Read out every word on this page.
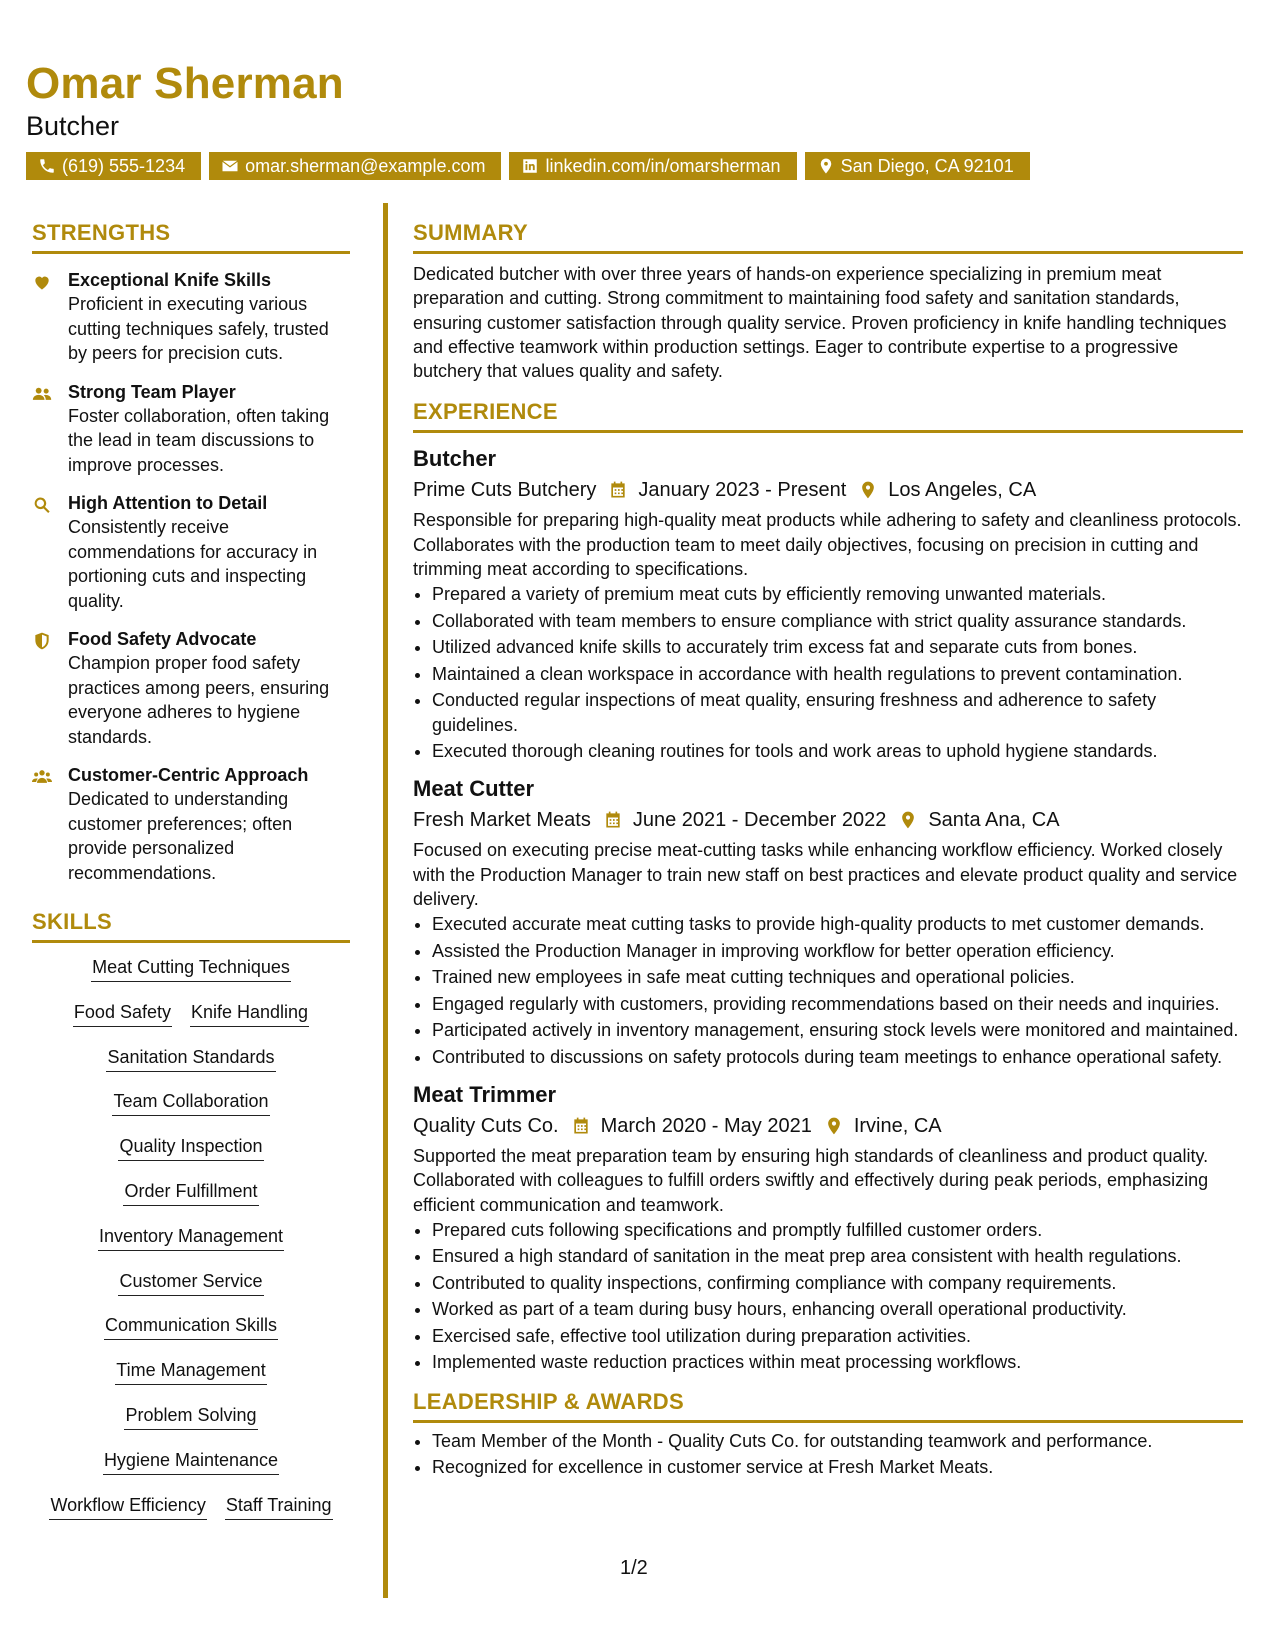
Omar Sherman
Butcher
(619) 555-1234	omar.sherman@example.com	linkedin.com/in/omarsherman	San Diego, CA 92101
STRENGTHS
Exceptional Knife Skills
Proficient in executing various cutting techniques safely, trusted by peers for precision cuts.
Strong Team Player
Foster collaboration, often taking the lead in team discussions to improve processes.
High Attention to Detail
Consistently receive commendations for accuracy in portioning cuts and inspecting quality.
Food Safety Advocate
Champion proper food safety practices among peers, ensuring everyone adheres to hygiene standards.
Customer-Centric Approach
Dedicated to understanding customer preferences; often provide personalized recommendations.
SKILLS
Meat Cutting Techniques
Food Safety Knife Handling
Sanitation Standards
Team Collaboration
Quality Inspection
Order Fulfillment
Inventory Management
Customer Service
Communication Skills
Time Management
Problem Solving
Hygiene Maintenance
Workflow Efficiency Staff Training
SUMMARY

Dedicated butcher with over three years of hands-on experience specializing in premium meat preparation and cutting. Strong commitment to maintaining food safety and sanitation standards, ensuring customer satisfaction through quality service. Proven proficiency in knife handling techniques and effective teamwork within production settings. Eager to contribute expertise to a progressive butchery that values quality and safety.

EXPERIENCE
Butcher
Prime Cuts Butchery January 2023 - Present Los Angeles, CA

Responsible for preparing high-quality meat products while adhering to safety and cleanliness protocols. Collaborates with the production team to meet daily objectives, focusing on precision in cutting and trimming meat according to specifications.

• Prepared a variety of premium meat cuts by efficiently removing unwanted materials.
• Collaborated with team members to ensure compliance with strict quality assurance standards.
• Utilized advanced knife skills to accurately trim excess fat and separate cuts from bones.
• Maintained a clean workspace in accordance with health regulations to prevent contamination.
• Conducted regular inspections of meat quality, ensuring freshness and adherence to safety guidelines.
• Executed thorough cleaning routines for tools and work areas to uphold hygiene standards.
Meat Cutter
Fresh Market Meats June 2021 - December 2022 Santa Ana, CA

Focused on executing precise meat-cutting tasks while enhancing workflow efficiency. Worked closely with the Production Manager to train new staff on best practices and elevate product quality and service delivery.

• Executed accurate meat cutting tasks to provide high-quality products to met customer demands.
• Assisted the Production Manager in improving workflow for better operation efficiency.
• Trained new employees in safe meat cutting techniques and operational policies.
• Engaged regularly with customers, providing recommendations based on their needs and inquiries.
• Participated actively in inventory management, ensuring stock levels were monitored and maintained.
• Contributed to discussions on safety protocols during team meetings to enhance operational safety.
Meat Trimmer
Quality Cuts Co. March 2020 - May 2021 Irvine, CA

Supported the meat preparation team by ensuring high standards of cleanliness and product quality. Collaborated with colleagues to fulfill orders swiftly and effectively during peak periods, emphasizing efficient communication and teamwork.

• Prepared cuts following specifications and promptly fulfilled customer orders.
• Ensured a high standard of sanitation in the meat prep area consistent with health regulations.
• Contributed to quality inspections, confirming compliance with company requirements.
• Worked as part of a team during busy hours, enhancing overall operational productivity.
• Exercised safe, effective tool utilization during preparation activities.
• Implemented waste reduction practices within meat processing workflows.
LEADERSHIP & AWARDS
• Team Member of the Month - Quality Cuts Co. for outstanding teamwork and performance.
• Recognized for excellence in customer service at Fresh Market Meats.
1/2
